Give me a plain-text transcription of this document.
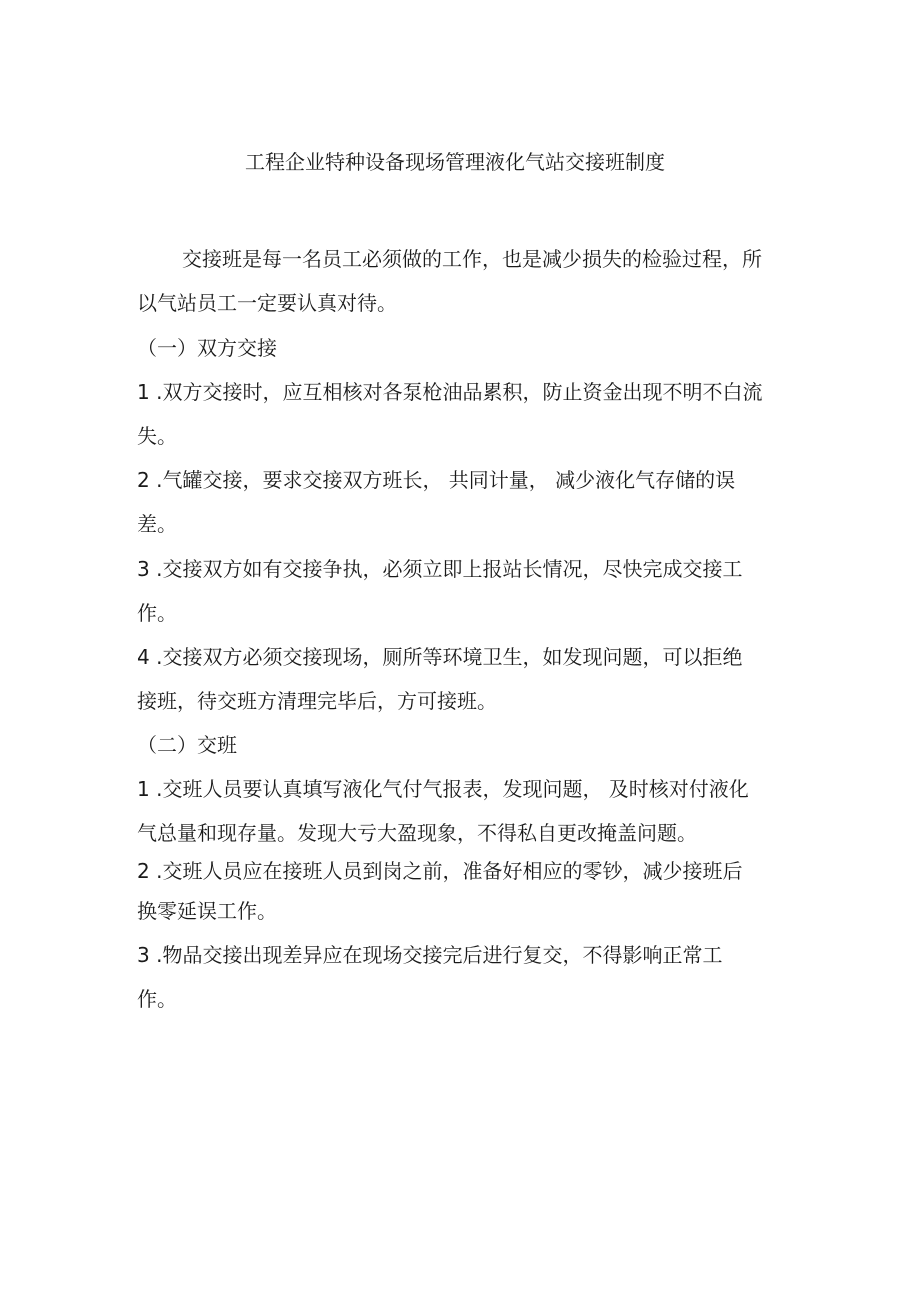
工程企业特种设备现场管理液化气站交接班制度
交接班是每一名员工必须做的工作，也是减少损失的检验过程，所
以气站员工一定要认真对待。
（一）双方交接
1 .双方交接时，应互相核对各泵枪油品累积，防止资金出现不明不白流
失。
2 .气罐交接，要求交接双方班长， 共同计量， 减少液化气存储的误
差。
3 .交接双方如有交接争执，必须立即上报站长情况，尽快完成交接工
作。
4 .交接双方必须交接现场，厕所等环境卫生，如发现问题，可以拒绝
接班，待交班方清理完毕后，方可接班。
（二）交班
1 .交班人员要认真填写液化气付气报表，发现问题， 及时核对付液化
气总量和现存量。发现大亏大盈现象，不得私自更改掩盖问题。
2 .交班人员应在接班人员到岗之前，准备好相应的零钞，减少接班后
换零延误工作。
3 .物品交接出现差异应在现场交接完后进行复交，不得影响正常工
作。
